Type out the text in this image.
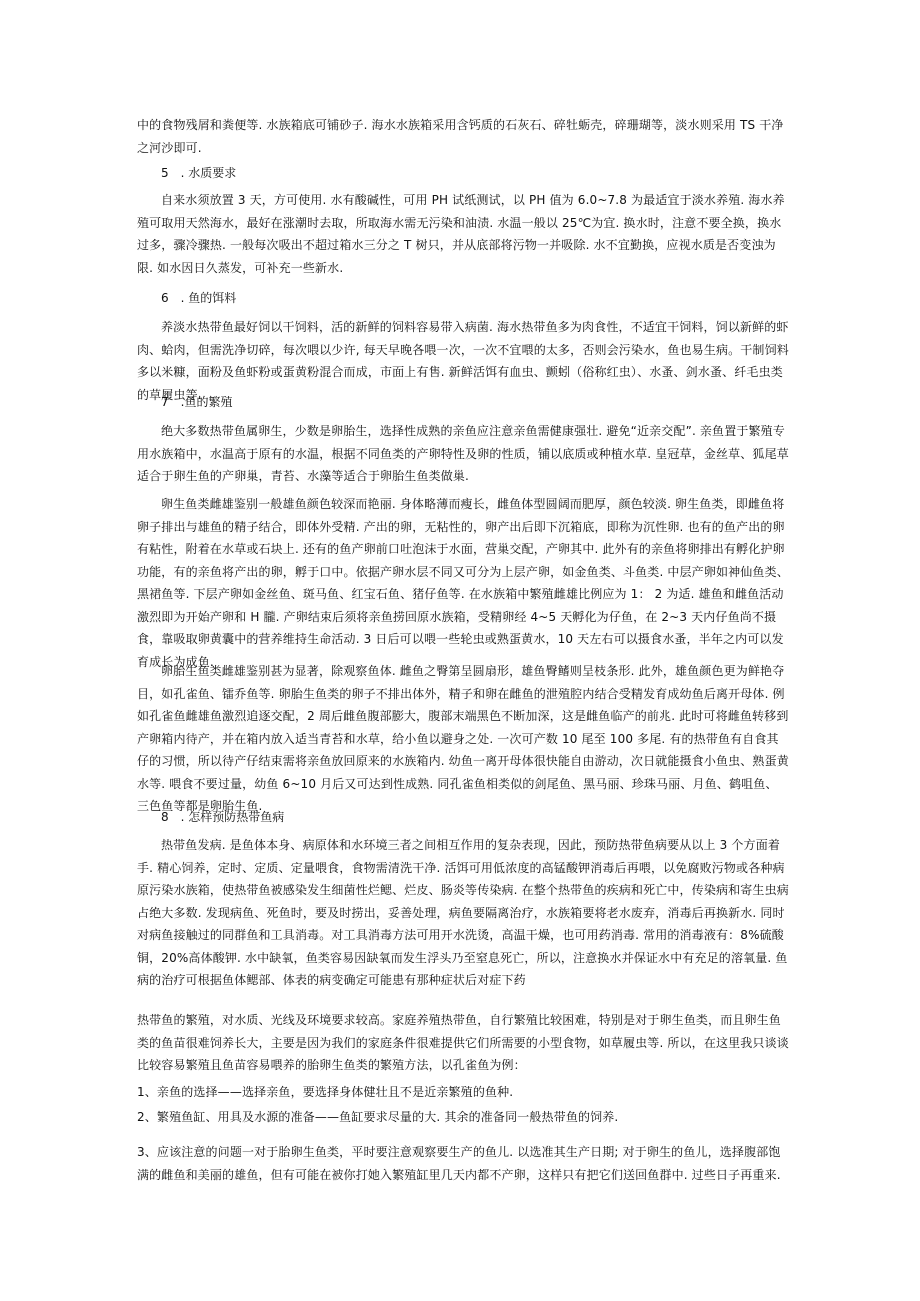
中的食物残屑和粪便等. 水族箱底可铺砂子. 海水水族箱采用含钙质的石灰石、碎牡蛎壳，碎珊瑚等，淡水则采用 TS 干净之河沙即可.

5　. 水质要求

自来水须放置 3 天，方可使用. 水有酸碱性，可用 PH 试纸测试，以 PH 值为 6.0~7.8 为最适宜于淡水养殖. 海水养殖可取用天然海水，最好在涨潮时去取，所取海水需无污染和油渍. 水温一般以 25℃为宜. 换水时，注意不要全换，换水过多，骤冷骤热. 一般每次吸出不超过箱水三分之 T 树只，并从底部将污物一并吸除. 水不宜勤换，应视水质是否变浊为限. 如水因日久蒸发，可补充一些新水.

6　. 鱼的饵料

养淡水热带鱼最好饲以干饲料，活的新鲜的饲料容易带入病菌. 海水热带鱼多为肉食性，不适宜干饲料，饲以新鲜的虾肉、蛤肉，但需洗净切碎，每次喂以少许, 每天早晚各喂一次，一次不宜喂的太多，否则会污染水，鱼也易生病。干制饲料多以米糠，面粉及鱼虾粉或蛋黄粉混合而成，市面上有售. 新鲜活饵有血虫、颤蚓（俗称红虫）、水蚤、剑水蚤、纤毛虫类的草履虫等.

7　.鱼的繁殖

绝大多数热带鱼属卵生，少数是卵胎生，选择性成熟的亲鱼应注意亲鱼需健康强壮. 避免“近亲交配”. 亲鱼置于繁殖专用水族箱中，水温高于原有的水温，根据不同鱼类的产卵特性及卵的性质，铺以底质或种植水草. 皇冠草，金丝草、狐尾草适合于卵生鱼的产卵巢，青苔、水藻等适合于卵胎生鱼类做巢.

卵生鱼类雌雄鉴别一般雄鱼颜色较深而艳丽. 身体略薄而瘦长，雌鱼体型圆阔而肥厚，颜色较淡. 卵生鱼类，即雌鱼将卵子排出与雄鱼的精子结合，即体外受精. 产出的卵，无粘性的，卵产出后即下沉箱底，即称为沉性卵. 也有的鱼产出的卵有粘性，附着在水草或石块上. 还有的鱼产卵前口吐泡沫于水面，营巢交配，产卵其中. 此外有的亲鱼将卵排出有孵化护卵功能，有的亲鱼将产出的卵，孵于口中。依据产卵水层不同又可分为上层产卵，如金鱼类、斗鱼类. 中层产卵如神仙鱼类、黑裙鱼等. 下层产卵如金丝鱼、斑马鱼、红宝石鱼、猪仔鱼等. 在水族箱中繁殖雌雄比例应为 1： 2 为适. 雄鱼和雌鱼活动激烈即为开始产卵和 H 朧. 产卵结束后须将亲鱼捞回原水族箱，受精卵经 4~5 天孵化为仔鱼，在 2~3 天内仔鱼尚不摄食，靠吸取卵黄囊中的营养维持生命活动. 3 日后可以喂一些轮虫或熟蛋黄水，10 天左右可以摄食水蚤，半年之内可以发育成长为成鱼.

卵胎生鱼类雌雄鉴别甚为显著，除观察鱼体. 雌鱼之臀第呈圆扇形，雄鱼臀鳍则呈枝条形. 此外，雄鱼颜色更为鲜艳夺目，如孔雀鱼、镭乔鱼等. 卵胎生鱼类的卵子不排出体外，精子和卵在雌鱼的泄殖腔内结合受精发育成幼鱼后离开母体. 例如孔雀鱼雌雄鱼激烈追逐交配，2 周后雌鱼腹部膨大，腹部末端黑色不断加深，这是雌鱼临产的前兆. 此时可将雌鱼转移到产卵箱内待产，并在箱内放入适当青苔和水草，给小鱼以避身之处. 一次可产数 10 尾至 100 多尾. 有的热带鱼有自食其仔的习惯，所以待产仔结束需将亲鱼放回原来的水族箱内. 幼鱼一离开母体很快能自由游动，次日就能摄食小鱼虫、熟蛋黄水等. 喂食不要过量，幼鱼 6~10 月后又可达到性成熟. 同孔雀鱼相类似的剑尾鱼、黑马丽、珍珠马丽、月鱼、鹤咀鱼、三色鱼等都是卵胎生鱼.

8　. 怎样预防热带鱼病

热带鱼发病. 是鱼体本身、病原体和水环境三者之间相互作用的复杂表现，因此，预防热带鱼病要从以上 3 个方面着手. 精心饲养，定时、定质、定量喂食，食物需清洗干净. 活饵可用低浓度的高锰酸钾消毒后再喂，以免腐败污物或各种病原污染水族箱，使热带鱼被感染发生细菌性烂鳃、烂皮、肠炎等传染病. 在整个热带鱼的疾病和死亡中，传染病和寄生虫病占绝大多数. 发现病鱼、死鱼时，要及时捞出，妥善处理，病鱼要隔离治疗，水族箱要将老水废弃，消毒后再换新水. 同时对病鱼接触过的同群鱼和工具消毒。对工具消毒方法可用开水洗烫，高温干燥，也可用药消毒. 常用的消毒液有：8%硫酸铜，20%高体酸钾. 水中缺氧，鱼类容易因缺氧而发生浮头乃至窒息死亡，所以，注意换水并保证水中有充足的溶氧量. 鱼病的治疗可根据鱼体鳃部、体表的病变确定可能患有那种症状后对症下药

热带鱼的繁殖，对水质、光线及环境要求较高。家庭养殖热带鱼，自行繁殖比较困难，特别是对于卵生鱼类，而且卵生鱼类的鱼苗很难饲养长大，主要是因为我们的家庭条件很难提供它们所需要的小型食物，如草履虫等. 所以，在这里我只谈谈比较容易繁殖且鱼苗容易喂养的胎卵生鱼类的繁殖方法，以孔雀鱼为例：

1、亲鱼的选择——选择亲鱼，要选择身体健壮且不是近亲繁殖的鱼种.

2、繁殖鱼缸、用具及水源的准备——鱼缸要求尽量的大. 其余的准备同一般热带鱼的饲养.

3、应该注意的问题一对于胎卵生鱼类，平时要注意观察要生产的鱼儿. 以选准其生产日期; 对于卵生的鱼儿，选择腹部饱满的雌鱼和美丽的雄鱼，但有可能在被你打她入繁殖缸里几天内都不产卵，这样只有把它们送回鱼群中. 过些日子再重来.
